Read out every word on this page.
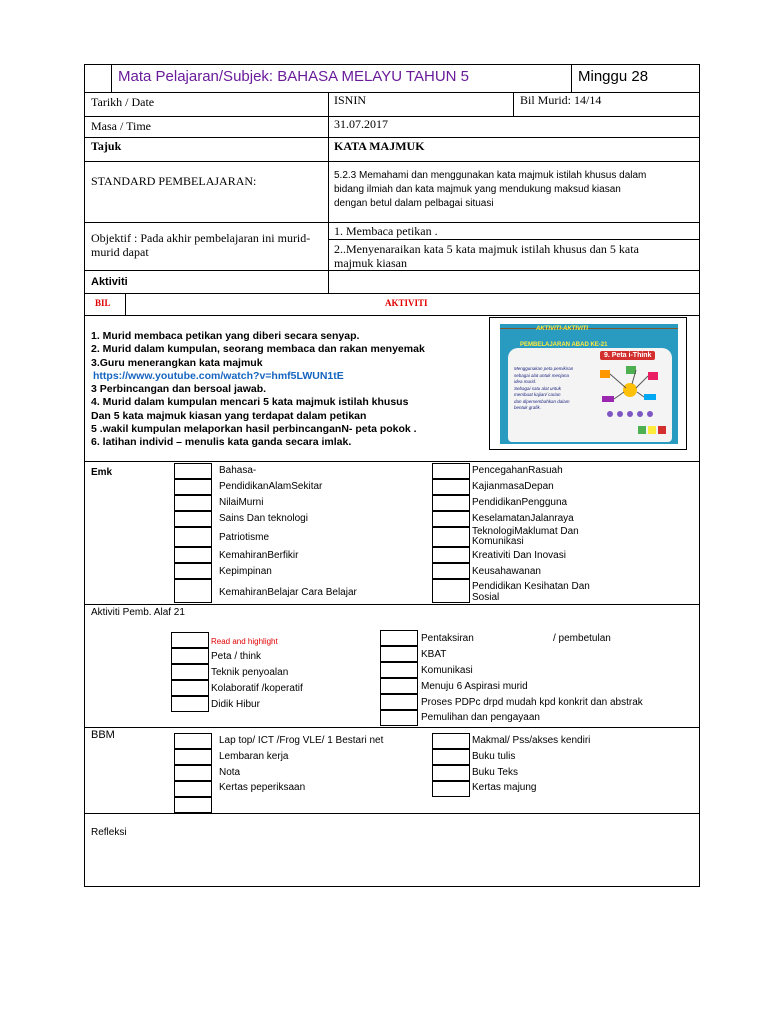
Mata Pelajaran/Subjek: BAHASA MELAYU TAHUN 5	Minggu 28
Tarikh / Date	ISNIN	Bil Murid: 14/14
Masa / Time	31.07.2017
Tajuk	KATA MAJMUK
STANDARD PEMBELAJARAN:	5.2.3 Memahami dan menggunakan kata majmuk istilah khusus dalam
bidang ilmiah dan kata majmuk yang mendukung maksud kiasan
dengan betul dalam pelbagai situasi
Objektif : Pada akhir pembelajaran ini murid-
murid dapat
1. Membaca petikan .
2..Menyenaraikan kata 5 kata majmuk istilah khusus dan 5 kata
majmuk kiasan
Aktiviti
BIL	AKTIVITI
1. Murid membaca petikan yang diberi secara senyap.
2. Murid dalam kumpulan, seorang membaca dan rakan menyemak
3.Guru menerangkan kata majmuk
https://www.youtube.com/watch?v=hmf5LWUN1tE
3 Perbincangan dan bersoal jawab.
4. Murid dalam kumpulan mencari 5 kata majmuk istilah khusus
Dan 5 kata majmuk kiasan yang terdapat dalam petikan
5 .wakil kumpulan melaporkan hasil perbincanganN- peta pokok .
6. latihan individ – menulis kata ganda secara imlak.
AKTIVITI-AKTIVITI
PEMBELAJARAN ABAD KE-21
9. Peta i-Think
Menggunakan peta pemikiran
sebagai alat untuk menjana
idea murid.
Sebagai satu alat untuk
membuat kajian/ carian
dan dipersembahkan dalam
bentuk grafik.
Emk	Bahasa-
PendidikanAlamSekitar
NilaiMurni
Sains Dan teknologi
Patriotisme
KemahiranBerfikir
Kepimpinan
KemahiranBelajar Cara Belajar
PencegahanRasuah
KajianmasaDepan
PendidikanPengguna
KeselamatanJalanraya
TeknologiMaklumat Dan
Komunikasi
Kreativiti Dan Inovasi
Keusahawanan
Pendidikan Kesihatan Dan
Sosial
Aktiviti Pemb. Alaf 21
Read and highlight
Peta / think
Teknik penyoalan
Kolaboratif /koperatif
Didik Hibur
Pentaksiran	/ pembetulan
KBAT
Komunikasi
Menuju 6 Aspirasi murid
Proses PDPc drpd mudah kpd konkrit dan abstrak
Pemulihan dan pengayaan
BBM	Lap top/ ICT /Frog VLE/ 1 Bestari net
Lembaran kerja
Nota
Kertas peperiksaan
Makmal/ Pss/akses kendiri
Buku tulis
Buku Teks
Kertas majung
Refleksi
